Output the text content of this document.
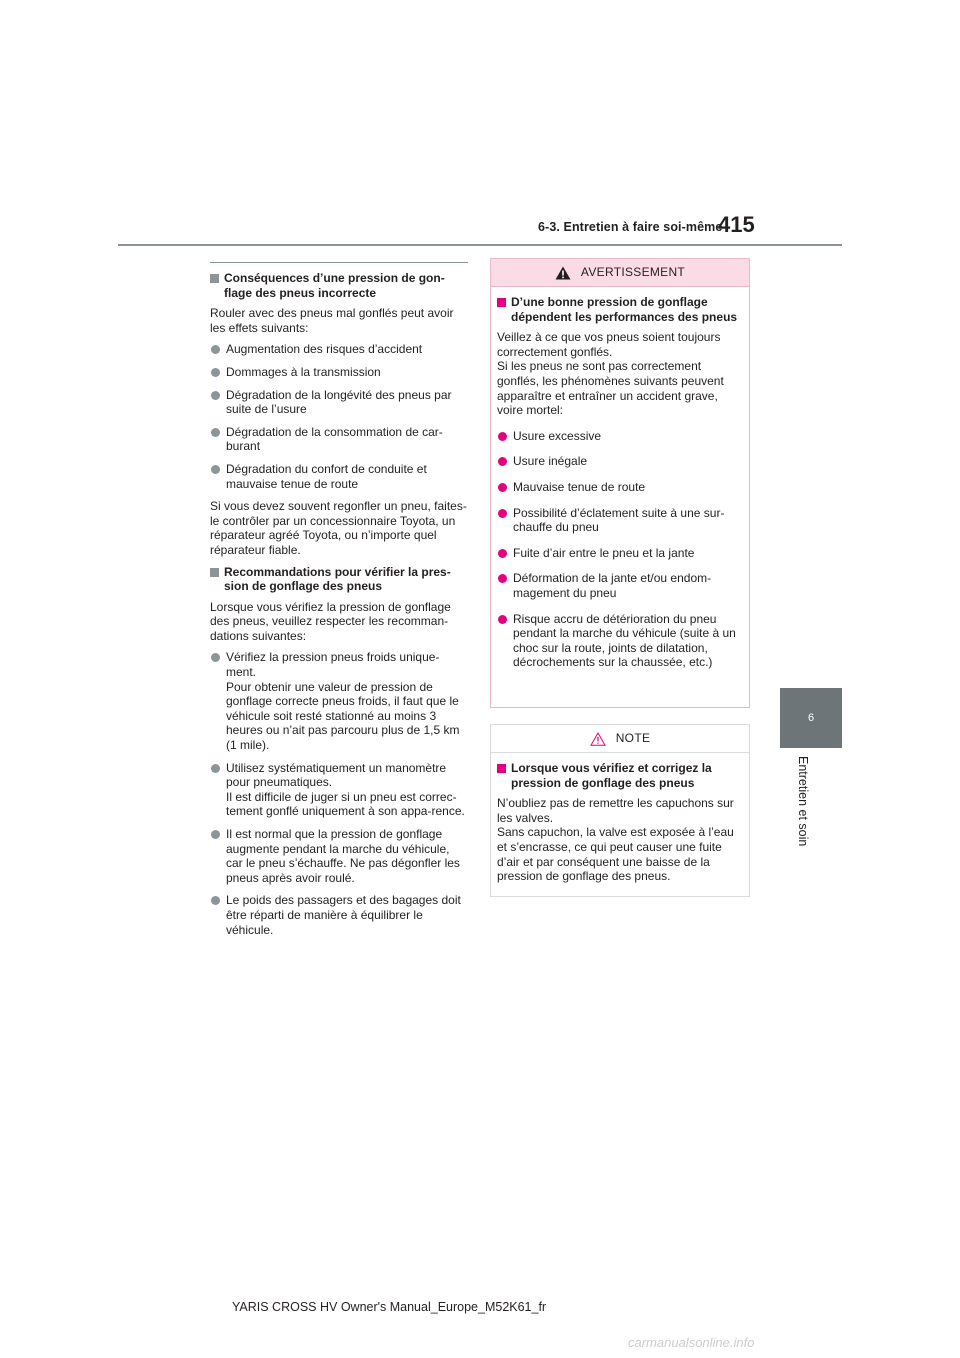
6-3. Entretien à faire soi-même
415
6
Entretien et soin
Conséquences d’une pression de gon-flage des pneus incorrecte
Rouler avec des pneus mal gonflés peut avoir les effets suivants:
Augmentation des risques d’accident
Dommages à la transmission
Dégradation de la longévité des pneus par suite de l’usure
Dégradation de la consommation de car-burant
Dégradation du confort de conduite et mauvaise tenue de route
Si vous devez souvent regonfler un pneu, faites-le contrôler par un concessionnaire Toyota, un réparateur agréé Toyota, ou n’importe quel réparateur fiable.
Recommandations pour vérifier la pres-sion de gonflage des pneus
Lorsque vous vérifiez la pression de gonflage des pneus, veuillez respecter les recomman-dations suivantes:
Vérifiez la pression pneus froids unique-ment.
Pour obtenir une valeur de pression de gonflage correcte pneus froids, il faut que le véhicule soit resté stationné au moins 3 heures ou n’ait pas parcouru plus de 1,5 km (1 mile).
Utilisez systématiquement un manomètre pour pneumatiques.
Il est difficile de juger si un pneu est correc-tement gonflé uniquement à son appa-rence.
Il est normal que la pression de gonflage augmente pendant la marche du véhicule, car le pneu s’échauffe. Ne pas dégonfler les pneus après avoir roulé.
Le poids des passagers et des bagages doit être réparti de manière à équilibrer le véhicule.
AVERTISSEMENT
D’une bonne pression de gonflage dépendent les performances des pneus
Veillez à ce que vos pneus soient toujours correctement gonflés.
Si les pneus ne sont pas correctement gonflés, les phénomènes suivants peuvent apparaître et entraîner un accident grave, voire mortel:
Usure excessive
Usure inégale
Mauvaise tenue de route
Possibilité d’éclatement suite à une sur-chauffe du pneu
Fuite d’air entre le pneu et la jante
Déformation de la jante et/ou endom-magement du pneu
Risque accru de détérioration du pneu pendant la marche du véhicule (suite à un choc sur la route, joints de dilatation, décrochements sur la chaussée, etc.)
NOTE
Lorsque vous vérifiez et corrigez la pression de gonflage des pneus
N’oubliez pas de remettre les capuchons sur les valves.
Sans capuchon, la valve est exposée à l’eau et s’encrasse, ce qui peut causer une fuite d’air et par conséquent une baisse de la pression de gonflage des pneus.
YARIS CROSS HV Owner's Manual_Europe_M52K61_fr
carmanualsonline.info
